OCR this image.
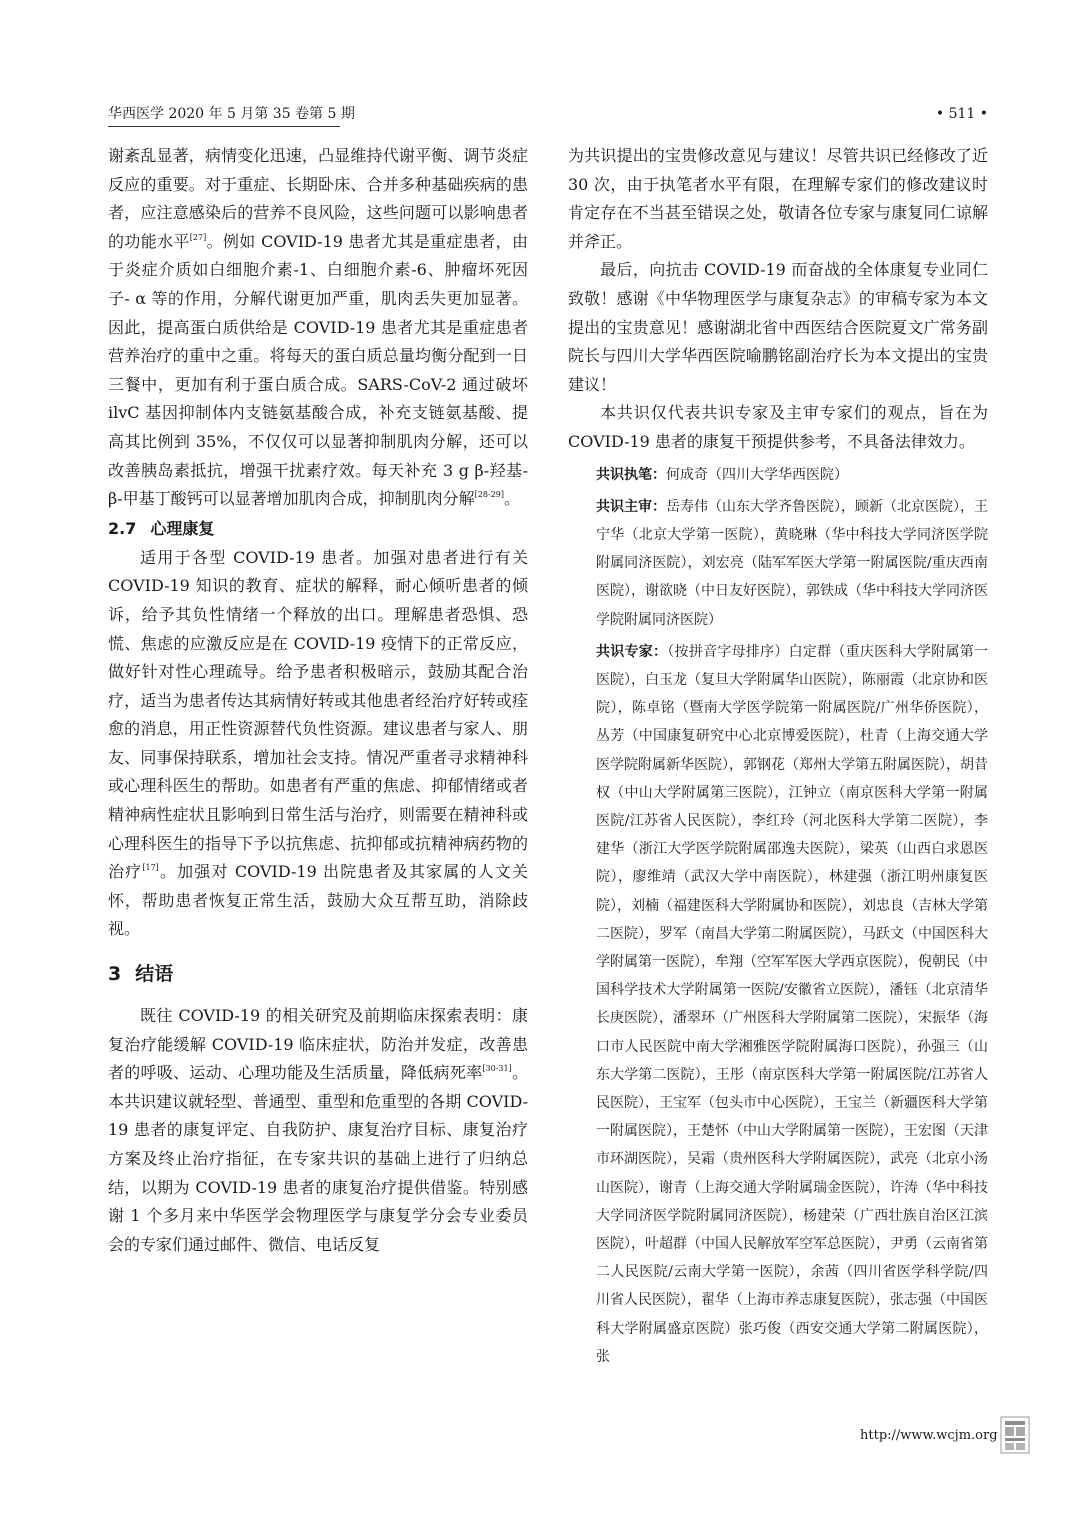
华西医学 2020 年 5 月第 35 卷第 5 期	• 511 •

谢紊乱显著，病情变化迅速，凸显维持代谢平衡、调节炎症反应的重要。对于重症、长期卧床、合并多种基础疾病的患者，应注意感染后的营养不良风险，这些问题可以影响患者的功能水平[27]。例如 COVID-19 患者尤其是重症患者，由于炎症介质如白细胞介素-1、白细胞介素-6、肿瘤坏死因子- α 等的作用，分解代谢更加严重，肌肉丢失更加显著。因此，提高蛋白质供给是 COVID-19 患者尤其是重症患者营养治疗的重中之重。将每天的蛋白质总量均衡分配到一日三餐中，更加有利于蛋白质合成。SARS-CoV-2 通过破坏 ilvC 基因抑制体内支链氨基酸合成，补充支链氨基酸、提高其比例到 35%，不仅仅可以显著抑制肌肉分解，还可以改善胰岛素抵抗，增强干扰素疗效。每天补充 3 g β-羟基-β-甲基丁酸钙可以显著增加肌肉合成，抑制肌肉分解[28-29]。

2.7 心理康复

适用于各型 COVID-19 患者。加强对患者进行有关 COVID-19 知识的教育、症状的解释，耐心倾听患者的倾诉，给予其负性情绪一个释放的出口。理解患者恐惧、恐慌、焦虑的应激反应是在 COVID-19 疫情下的正常反应，做好针对性心理疏导。给予患者积极暗示，鼓励其配合治疗，适当为患者传达其病情好转或其他患者经治疗好转或痊愈的消息，用正性资源替代负性资源。建议患者与家人、朋友、同事保持联系，增加社会支持。情况严重者寻求精神科或心理科医生的帮助。如患者有严重的焦虑、抑郁情绪或者精神病性症状且影响到日常生活与治疗，则需要在精神科或心理科医生的指导下予以抗焦虑、抗抑郁或抗精神病药物的治疗[17]。加强对 COVID-19 出院患者及其家属的人文关怀，帮助患者恢复正常生活，鼓励大众互帮互助，消除歧视。

3 结语

既往 COVID-19 的相关研究及前期临床探索表明：康复治疗能缓解 COVID-19 临床症状，防治并发症，改善患者的呼吸、运动、心理功能及生活质量，降低病死率[30-31]。本共识建议就轻型、普通型、重型和危重型的各期 COVID-19 患者的康复评定、自我防护、康复治疗目标、康复治疗方案及终止治疗指征，在专家共识的基础上进行了归纳总结，以期为 COVID-19 患者的康复治疗提供借鉴。特别感谢 1 个多月来中华医学会物理医学与康复学分会专业委员会的专家们通过邮件、微信、电话反复

为共识提出的宝贵修改意见与建议！尽管共识已经修改了近 30 次，由于执笔者水平有限，在理解专家们的修改建议时肯定存在不当甚至错误之处，敬请各位专家与康复同仁谅解并斧正。

最后，向抗击 COVID-19 而奋战的全体康复专业同仁致敬！感谢《中华物理医学与康复杂志》的审稿专家为本文提出的宝贵意见！感谢湖北省中西医结合医院夏文广常务副院长与四川大学华西医院喻鹏铭副治疗长为本文提出的宝贵建议！

本共识仅代表共识专家及主审专家们的观点，旨在为 COVID-19 患者的康复干预提供参考，不具备法律效力。

共识执笔：何成奇（四川大学华西医院）

共识主审：岳寿伟（山东大学齐鲁医院），顾新（北京医院），王宁华（北京大学第一医院），黄晓琳（华中科技大学同济医学院附属同济医院），刘宏亮（陆军军医大学第一附属医院/重庆西南医院），谢欲晓（中日友好医院），郭铁成（华中科技大学同济医学院附属同济医院）

共识专家：（按拼音字母排序）白定群（重庆医科大学附属第一医院），白玉龙（复旦大学附属华山医院），陈丽霞（北京协和医院），陈卓铭（暨南大学医学院第一附属医院/广州华侨医院），丛芳（中国康复研究中心北京博爱医院），杜青（上海交通大学医学院附属新华医院），郭钢花（郑州大学第五附属医院），胡昔权（中山大学附属第三医院），江钟立（南京医科大学第一附属医院/江苏省人民医院），李红玲（河北医科大学第二医院），李建华（浙江大学医学院附属邵逸夫医院），梁英（山西白求恩医院），廖维靖（武汉大学中南医院），林建强（浙江明州康复医院），刘楠（福建医科大学附属协和医院），刘忠良（吉林大学第二医院），罗军（南昌大学第二附属医院），马跃文（中国医科大学附属第一医院），牟翔（空军军医大学西京医院），倪朝民（中国科学技术大学附属第一医院/安徽省立医院），潘钰（北京清华长庚医院），潘翠环（广州医科大学附属第二医院），宋振华（海口市人民医院中南大学湘雅医学院附属海口医院），孙强三（山东大学第二医院），王彤（南京医科大学第一附属医院/江苏省人民医院），王宝军（包头市中心医院），王宝兰（新疆医科大学第一附属医院），王楚怀（中山大学附属第一医院），王宏图（天津市环湖医院），吴霜（贵州医科大学附属医院），武亮（北京小汤山医院），谢青（上海交通大学附属瑞金医院），许涛（华中科技大学同济医学院附属同济医院），杨建荣（广西壮族自治区江滨医院），叶超群（中国人民解放军空军总医院），尹勇（云南省第二人民医院/云南大学第一医院），余茜（四川省医学科学院/四川省人民医院），翟华（上海市养志康复医院），张志强（中国医科大学附属盛京医院）张巧俊（西安交通大学第二附属医院），张

http://www.wcjm.org
